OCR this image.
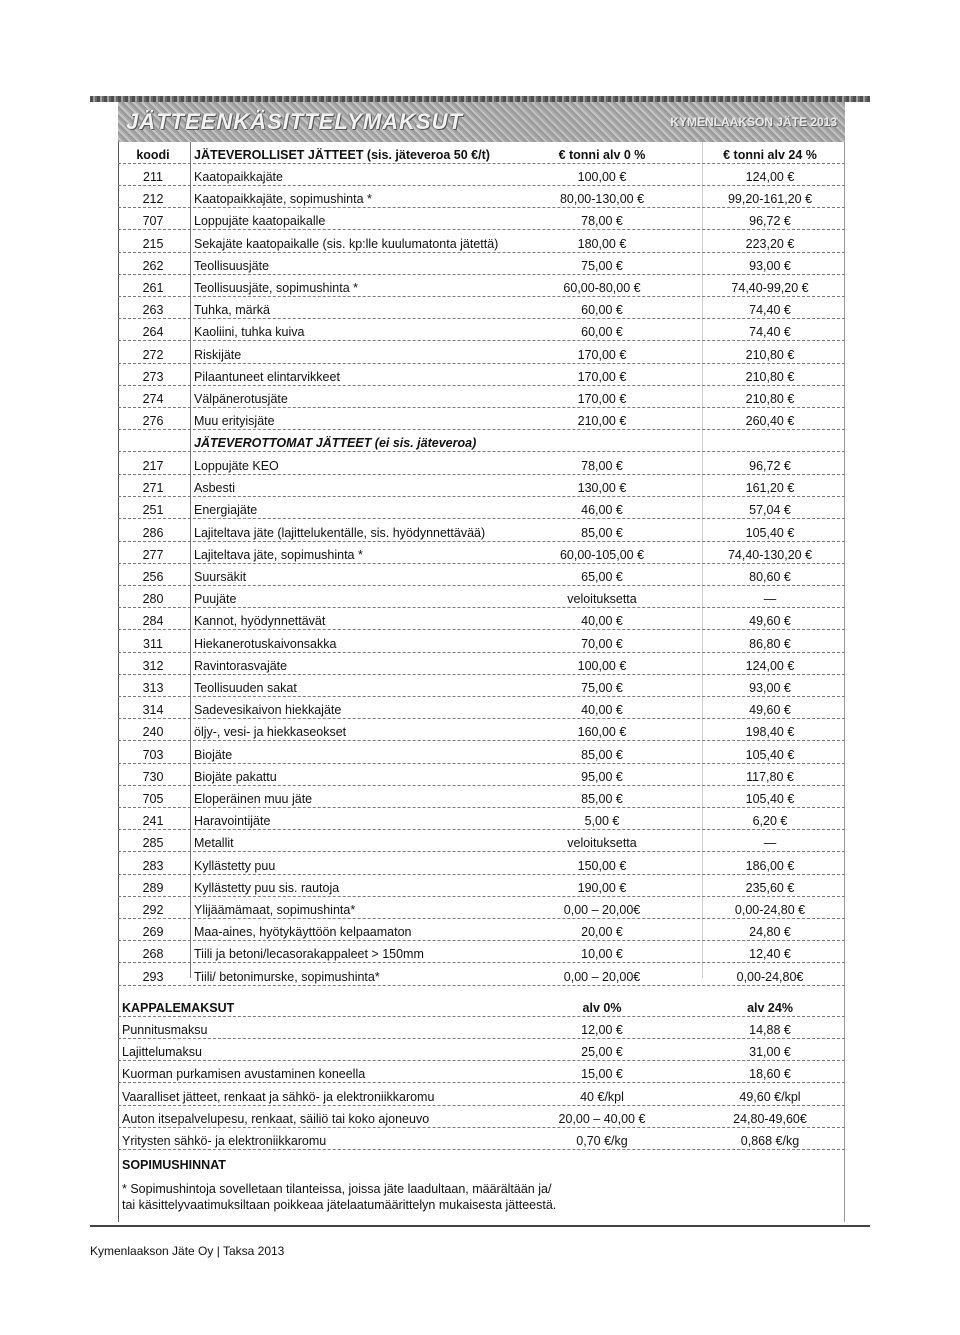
JÄTTEENKÄSITTELYMAKSUT	KYMENLAAKSON JÄTE 2013
koodi	JÄTEVEROLLISET JÄTTEET (sis. jäteveroa 50 €/t)	€ tonni alv 0 %	€ tonni alv 24 %
211	Kaatopaikkajäte	100,00 €	124,00 €
212	Kaatopaikkajäte, sopimushinta *	80,00-130,00 €	99,20-161,20 €
707	Loppujäte kaatopaikalle	78,00 €	96,72 €
215	Sekajäte kaatopaikalle (sis. kp:lle kuulumatonta jätettä)	180,00 €	223,20 €
262	Teollisuusjäte	75,00 €	93,00 €
261	Teollisuusjäte, sopimushinta *	60,00-80,00 €	74,40-99,20 €
263	Tuhka, märkä	60,00 €	74,40 €
264	Kaoliini, tuhka kuiva	60,00 €	74,40 €
272	Riskijäte	170,00 €	210,80 €
273	Pilaantuneet elintarvikkeet	170,00 €	210,80 €
274	Välpänerotusjäte	170,00 €	210,80 €
276	Muu erityisjäte	210,00 €	260,40 €
JÄTEVEROTTOMAT JÄTTEET (ei sis. jäteveroa)
217	Loppujäte KEO	78,00 €	96,72 €
271	Asbesti	130,00 €	161,20 €
251	Energiajäte	46,00 €	57,04 €
286	Lajiteltava jäte (lajittelukentälle, sis. hyödynnettävää)	85,00 €	105,40 €
277	Lajiteltava jäte, sopimushinta *	60,00-105,00 €	74,40-130,20 €
256	Suursäkit	65,00 €	80,60 €
280	Puujäte	veloituksetta	—
284	Kannot, hyödynnettävät	40,00 €	49,60 €
311	Hiekanerotuskaivonsakka	70,00 €	86,80 €
312	Ravintorasvajäte	100,00 €	124,00 €
313	Teollisuuden sakat	75,00 €	93,00 €
314	Sadevesikaivon hiekkajäte	40,00 €	49,60 €
240	öljy-, vesi- ja hiekkaseokset	160,00 €	198,40 €
703	Biojäte	85,00 €	105,40 €
730	Biojäte pakattu	95,00 €	117,80 €
705	Eloperäinen muu jäte	85,00 €	105,40 €
241	Haravointijäte	5,00 €	6,20 €
285	Metallit	veloituksetta	—
283	Kyllästetty puu	150,00 €	186,00 €
289	Kyllästetty puu sis. rautoja	190,00 €	235,60 €
292	Ylijäämämaat, sopimushinta*	0,00 – 20,00€	0,00-24,80 €
269	Maa-aines, hyötykäyttöön kelpaamaton	20,00 €	24,80 €
268	Tiili ja betoni/lecasorakappaleet > 150mm	10,00 €	12,40 €
293	Tiili/ betonimurske, sopimushinta*	0,00 – 20,00€	0,00-24,80€
KAPPALEMAKSUT	alv 0%	alv 24%
Punnitusmaksu	12,00 €	14,88 €
Lajittelumaksu	25,00 €	31,00 €
Kuorman purkamisen avustaminen koneella	15,00 €	18,60 €
Vaaralliset jätteet, renkaat ja sähkö- ja elektroniikkaromu	40 €/kpl	49,60 €/kpl
Auton itsepalvelupesu, renkaat, säiliö tai koko ajoneuvo	20,00 – 40,00 €	24,80-49,60€
Yritysten sähkö- ja elektroniikkaromu	0,70 €/kg	0,868 €/kg
SOPIMUSHINNAT
* Sopimushintoja sovelletaan tilanteissa, joissa jäte laadultaan, määrältään ja/
tai käsittelyvaatimuksiltaan poikkeaa jätelaatumäärittelyn mukaisesta jätteestä.
Kymenlaakson Jäte Oy | Taksa 2013
